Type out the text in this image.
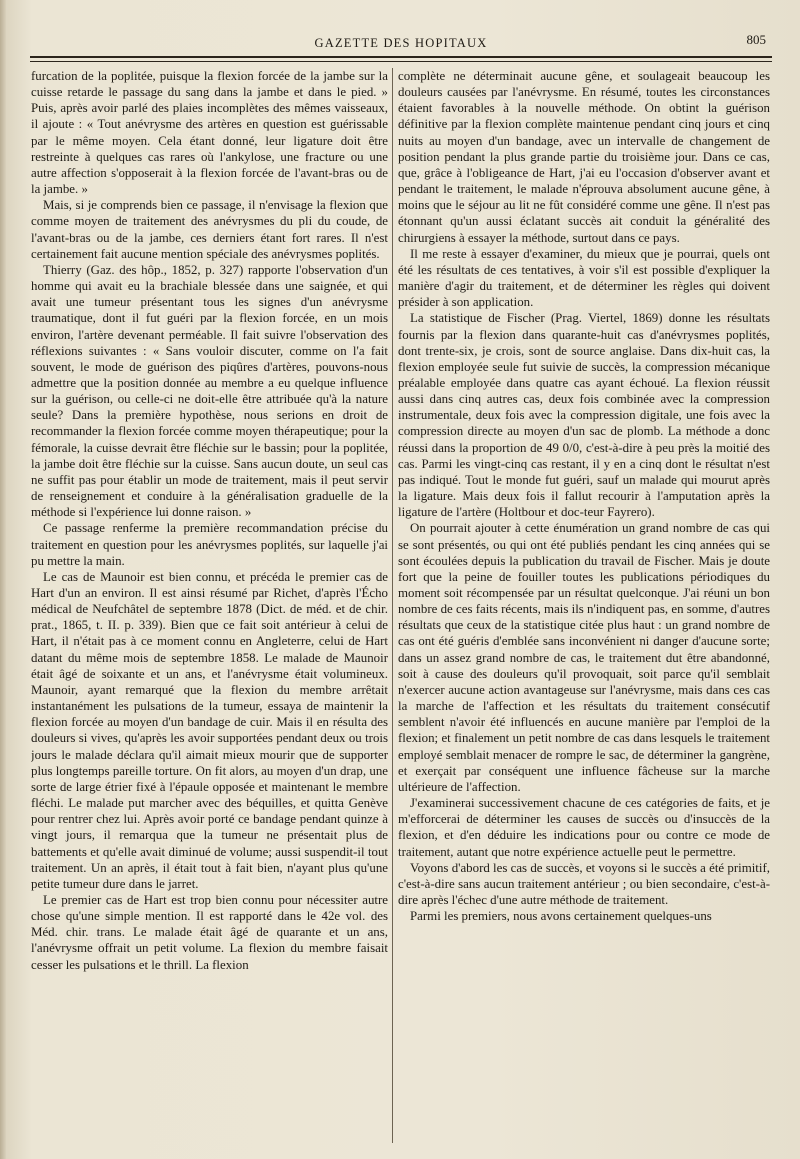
GAZETTE DES HOPITAUX	805

furcation de la poplitée, puisque la flexion forcée de la jambe sur la cuisse retarde le passage du sang dans la jambe et dans le pied. » Puis, après avoir parlé des plaies incomplètes des mêmes vaisseaux, il ajoute : « Tout anévrysme des artères en question est guérissable par le même moyen. Cela étant donné, leur ligature doit être restreinte à quelques cas rares où l'ankylose, une fracture ou une autre affection s'opposerait à la flexion forcée de l'avant-bras ou de la jambe. »

Mais, si je comprends bien ce passage, il n'envisage la flexion que comme moyen de traitement des anévrysmes du pli du coude, de l'avant-bras ou de la jambe, ces derniers étant fort rares. Il n'est certainement fait aucune mention spéciale des anévrysmes poplités.

Thierry (Gaz. des hôp., 1852, p. 327) rapporte l'observation d'un homme qui avait eu la brachiale blessée dans une saignée, et qui avait une tumeur présentant tous les signes d'un anévrysme traumatique, dont il fut guéri par la flexion forcée, en un mois environ, l'artère devenant perméable. Il fait suivre l'observation des réflexions suivantes : « Sans vouloir discuter, comme on l'a fait souvent, le mode de guérison des piqûres d'artères, pouvons-nous admettre que la position donnée au membre a eu quelque influence sur la guérison, ou celle-ci ne doit-elle être attribuée qu'à la nature seule? Dans la première hypothèse, nous serions en droit de recommander la flexion forcée comme moyen thérapeutique; pour la fémorale, la cuisse devrait être fléchie sur le bassin; pour la poplitée, la jambe doit être fléchie sur la cuisse. Sans aucun doute, un seul cas ne suffit pas pour établir un mode de traitement, mais il peut servir de renseignement et conduire à la généralisation graduelle de la méthode si l'expérience lui donne raison. »

Ce passage renferme la première recommandation précise du traitement en question pour les anévrysmes poplités, sur laquelle j'ai pu mettre la main.

Le cas de Maunoir est bien connu, et précéda le premier cas de Hart d'un an environ. Il est ainsi résumé par Richet, d'après l'Écho médical de Neufchâtel de septembre 1878 (Dict. de méd. et de chir. prat., 1865, t. II. p. 339). Bien que ce fait soit antérieur à celui de Hart, il n'était pas à ce moment connu en Angleterre, celui de Hart datant du même mois de septembre 1858. Le malade de Maunoir était âgé de soixante et un ans, et l'anévrysme était volumineux. Maunoir, ayant remarqué que la flexion du membre arrêtait instantanément les pulsations de la tumeur, essaya de maintenir la flexion forcée au moyen d'un bandage de cuir. Mais il en résulta des douleurs si vives, qu'après les avoir supportées pendant deux ou trois jours le malade déclara qu'il aimait mieux mourir que de supporter plus longtemps pareille torture. On fit alors, au moyen d'un drap, une sorte de large étrier fixé à l'épaule opposée et maintenant le membre fléchi. Le malade put marcher avec des béquilles, et quitta Genève pour rentrer chez lui. Après avoir porté ce bandage pendant quinze à vingt jours, il remarqua que la tumeur ne présentait plus de battements et qu'elle avait diminué de volume; aussi suspendit-il tout traitement. Un an après, il était tout à fait bien, n'ayant plus qu'une petite tumeur dure dans le jarret.

Le premier cas de Hart est trop bien connu pour nécessiter autre chose qu'une simple mention. Il est rapporté dans le 42e vol. des Méd. chir. trans. Le malade était âgé de quarante et un ans, l'anévrysme offrait un petit volume. La flexion du membre faisait cesser les pulsations et le thrill. La flexion

complète ne déterminait aucune gêne, et soulageait beaucoup les douleurs causées par l'anévrysme. En résumé, toutes les circonstances étaient favorables à la nouvelle méthode. On obtint la guérison définitive par la flexion complète maintenue pendant cinq jours et cinq nuits au moyen d'un bandage, avec un intervalle de changement de position pendant la plus grande partie du troisième jour. Dans ce cas, que, grâce à l'obligeance de Hart, j'ai eu l'occasion d'observer avant et pendant le traitement, le malade n'éprouva absolument aucune gêne, à moins que le séjour au lit ne fût considéré comme une gêne. Il n'est pas étonnant qu'un aussi éclatant succès ait conduit la généralité des chirurgiens à essayer la méthode, surtout dans ce pays.

Il me reste à essayer d'examiner, du mieux que je pourrai, quels ont été les résultats de ces tentatives, à voir s'il est possible d'expliquer la manière d'agir du traitement, et de déterminer les règles qui doivent présider à son application.

La statistique de Fischer (Prag. Viertel, 1869) donne les résultats fournis par la flexion dans quarante-huit cas d'anévrysmes poplités, dont trente-six, je crois, sont de source anglaise. Dans dix-huit cas, la flexion employée seule fut suivie de succès, la compression mécanique préalable employée dans quatre cas ayant échoué. La flexion réussit aussi dans cinq autres cas, deux fois combinée avec la compression instrumentale, deux fois avec la compression digitale, une fois avec la compression directe au moyen d'un sac de plomb. La méthode a donc réussi dans la proportion de 49 0/0, c'est-à-dire à peu près la moitié des cas. Parmi les vingt-cinq cas restant, il y en a cinq dont le résultat n'est pas indiqué. Tout le monde fut guéri, sauf un malade qui mourut après la ligature. Mais deux fois il fallut recourir à l'amputation après la ligature de l'artère (Holtbour et doc-teur Fayrero).

On pourrait ajouter à cette énumération un grand nombre de cas qui se sont présentés, ou qui ont été publiés pendant les cinq années qui se sont écoulées depuis la publication du travail de Fischer. Mais je doute fort que la peine de fouiller toutes les publications périodiques du moment soit récompensée par un résultat quelconque. J'ai réuni un bon nombre de ces faits récents, mais ils n'indiquent pas, en somme, d'autres résultats que ceux de la statistique citée plus haut : un grand nombre de cas ont été guéris d'emblée sans inconvénient ni danger d'aucune sorte; dans un assez grand nombre de cas, le traitement dut être abandonné, soit à cause des douleurs qu'il provoquait, soit parce qu'il semblait n'exercer aucune action avantageuse sur l'anévrysme, mais dans ces cas la marche de l'affection et les résultats du traitement consécutif semblent n'avoir été influencés en aucune manière par l'emploi de la flexion; et finalement un petit nombre de cas dans lesquels le traitement employé semblait menacer de rompre le sac, de déterminer la gangrène, et exerçait par conséquent une influence fâcheuse sur la marche ultérieure de l'affection.

J'examinerai successivement chacune de ces catégories de faits, et je m'efforcerai de déterminer les causes de succès ou d'insuccès de la flexion, et d'en déduire les indications pour ou contre ce mode de traitement, autant que notre expérience actuelle peut le permettre.

Voyons d'abord les cas de succès, et voyons si le succès a été primitif, c'est-à-dire sans aucun traitement antérieur ; ou bien secondaire, c'est-à-dire après l'échec d'une autre méthode de traitement.

Parmi les premiers, nous avons certainement quelques-uns
